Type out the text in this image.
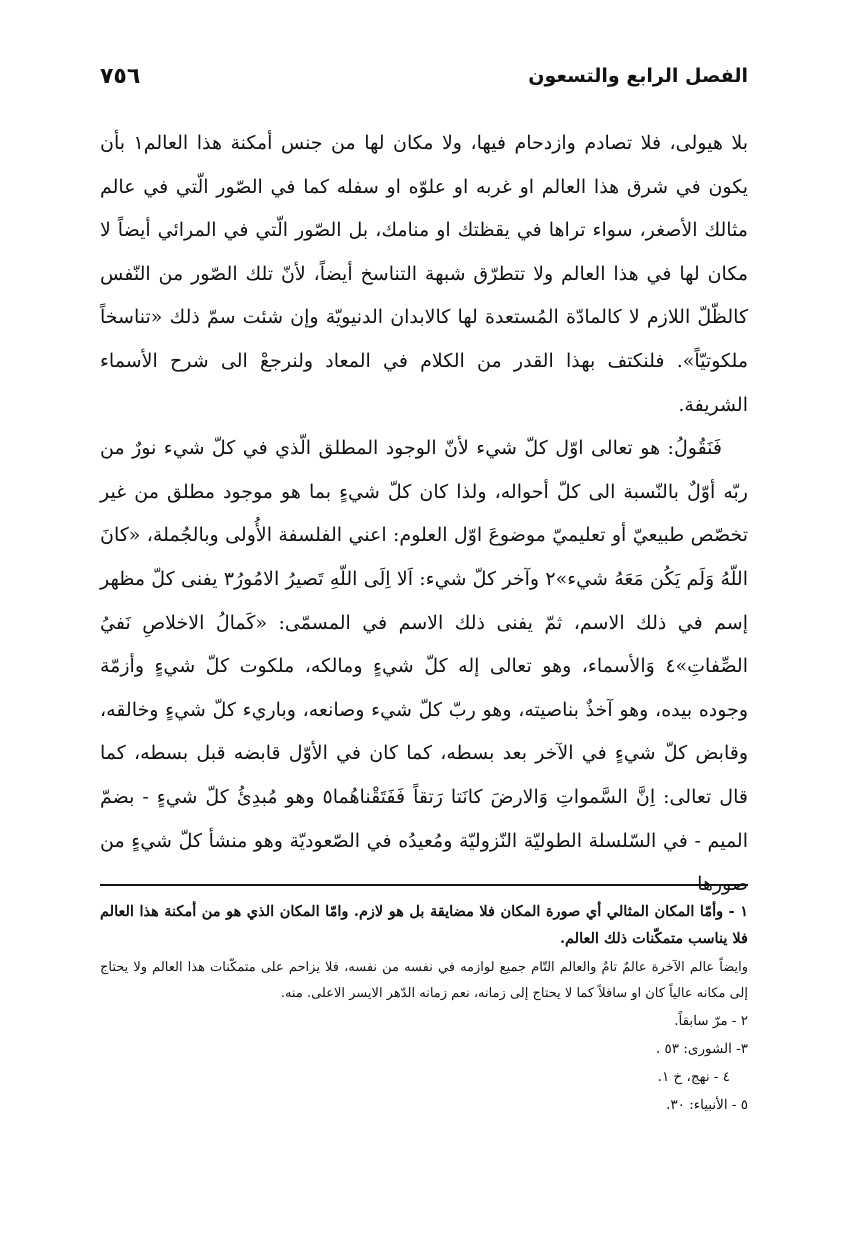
٧٥٦	الفصل الرابع والتسعون

بلا هيولى، فلا تصادم وازدحام فيها، ولا مكان لها من جنس أمكنة هذا العالم١ بأن يكون في شرق هذا العالم او غربه او علوّه او سفله كما في الصّور الّتي في عالم مثالك الأصغر، سواء تراها في يقظتك او منامك، بل الصّور الّتي في المرائي أيضاً لا مكان لها في هذا العالم ولا تتطرّق شبهة التناسخ أيضاً، لأنّ تلك الصّور من النّفس كالظّلّ اللازم لا كالمادّة المُستعدة لها كالابدان الدنيويّة وإن شئت سمّ ذلك «تناسخاً ملكوتيّاً». فلنكتف بهذا القدر من الكلام في المعاد ولنرجعْ الى شرح الأسماء الشريفة.

فَنَقُولُ: هو تعالى اوّل كلّ شيء لأنّ الوجود المطلق الّذي في كلّ شيء نورٌ من ربّه أوّلٌ بالنّسبة الى كلّ أحواله، ولذا كان كلّ شيءٍ بما هو موجود مطلق من غير تخصّص طبيعيّ أو تعليميّ موضوعَ اوّل العلوم: اعني الفلسفة الأُولى وبالجُملة، «كانَ اللّهُ وَلَم يَكُن مَعَهُ شيء»٢ وآخر كلّ شيء: اَلا اِلَى اللّهِ تَصيرُ الامُورُ٣ يفنى كلّ مظهر إسم في ذلك الاسم، ثمّ يفنى ذلك الاسم في المسمّى: «كَمالُ الاخلاصِ نَفيُ الصِّفاتِ»٤ وَالأسماء، وهو تعالى إله كلّ شيءٍ ومالكه، ملكوت كلّ شيءٍ وأزمّة وجوده بيده، وهو آخذٌ بناصيته، وهو ربّ كلّ شيء وصانعه، وباريء كلّ شيءٍ وخالقه، وقابض كلّ شيءٍ في الآخر بعد بسطه، كما كان في الأوّل قابضه قبل بسطه، كما قال تعالى: اِنَّ السَّمواتِ وَالارضَ كانَتا رَتقاً فَفَتَقْناهُما٥ وهو مُبدِئُ كلّ شيءٍ - بضمّ الميم - في السّلسلة الطوليّة النّزوليّة ومُعيدُه في الصّعوديّة وهو منشأ كلّ شيءٍ من صورها

١ - وأمّا المكان المثالي أي صورة المكان فلا مضايقة بل هو لازم. وامّا المكان الذي هو من أمكنة هذا العالم فلا يناسب متمكّنات ذلك العالم.

وايضاً عالم الآخرة عالمٌ تامٌ والعالم التّام جميع لوازمه في نفسه من نفسه، فلا يزاحم على متمكّنات هذا العالم ولا يحتاج إلى مكانه عالياً كان او سافلاً كما لا يحتاج إلى زمانه، نعم زمانه الدّهر الايسر الاعلى. منه.

٢ - مرّ سابقاً.

٣- الشورى: ٥٣ .

٤ - نهج، خ ١.

٥ - الأنبياء: ٣٠.
